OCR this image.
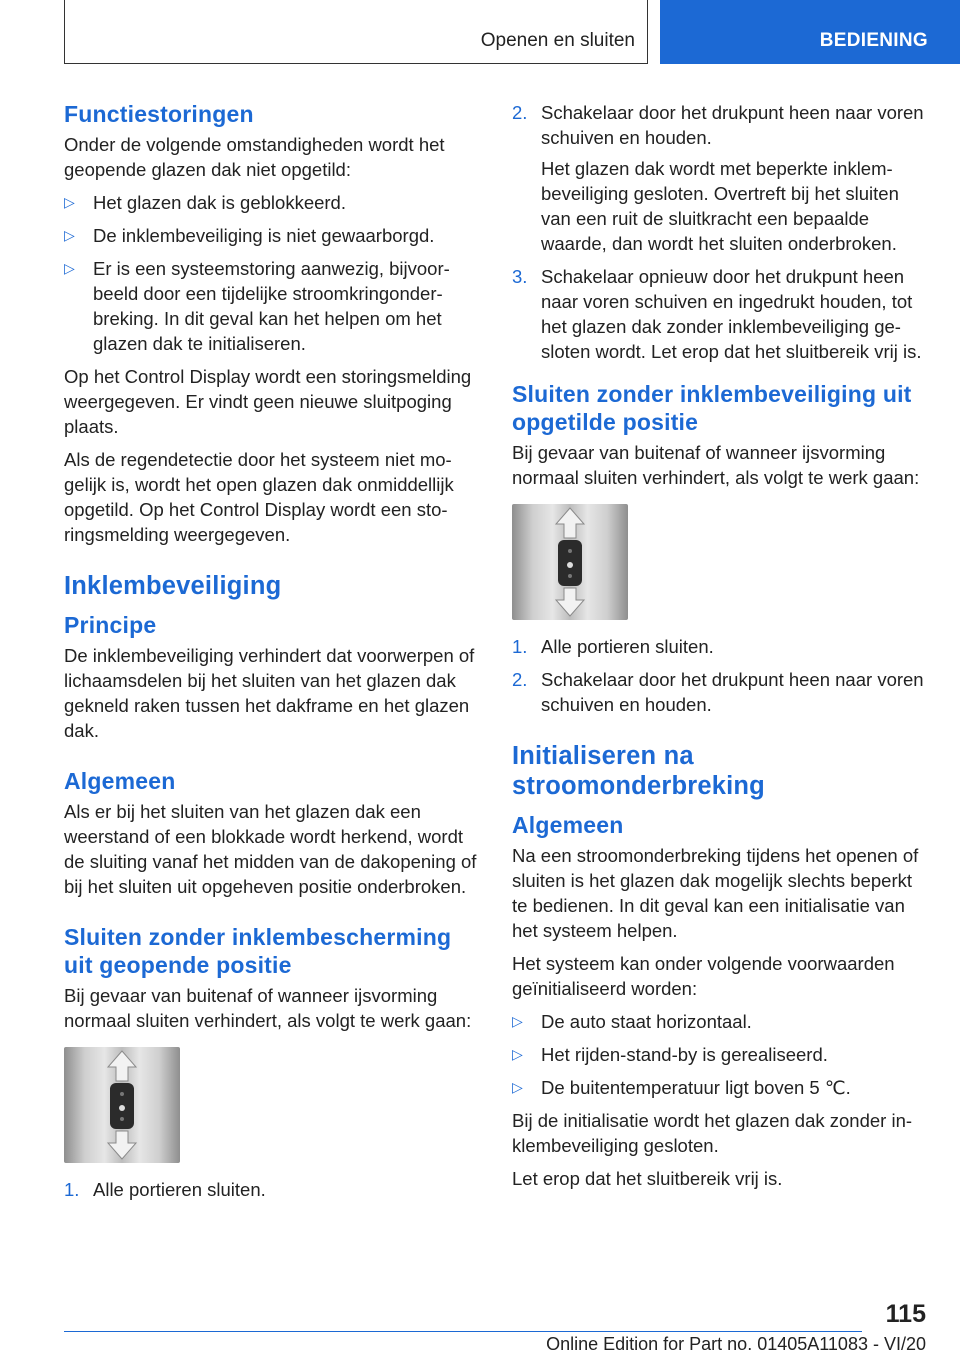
Openen en sluiten	BEDIENING
Functiestoringen

Onder de volgende omstandigheden wordt het geopende glazen dak niet opgetild:

▷ Het glazen dak is geblokkeerd.
▷ De inklembeveiliging is niet gewaarborgd.
▷ Er is een systeemstoring aanwezig, bijvoorbeeld door een tijdelijke stroomkringonderbreking. In dit geval kan het helpen om het glazen dak te initialiseren.

Op het Control Display wordt een storingsmelding weergegeven. Er vindt geen nieuwe sluitpoging plaats.

Als de regendetectie door het systeem niet mogelijk is, wordt het open glazen dak onmiddellijk opgetild. Op het Control Display wordt een storingsmelding weergegeven.

Inklembeveiliging
Principe

De inklembeveiliging verhindert dat voorwerpen of lichaamsdelen bij het sluiten van het glazen dak gekneld raken tussen het dakframe en het glazen dak.

Algemeen

Als er bij het sluiten van het glazen dak een weerstand of een blokkade wordt herkend, wordt de sluiting vanaf het midden van de dakopening of bij het sluiten uit opgeheven positie onderbroken.

Sluiten zonder inklembescherming uit geopende positie

Bij gevaar van buitenaf of wanneer ijsvorming normaal sluiten verhindert, als volgt te werk gaan:

1. Alle portieren sluiten.
2. Schakelaar door het drukpunt heen naar voren schuiven en houden.
Het glazen dak wordt met beperkte inklembeveiliging gesloten. Overtreft bij het sluiten van een ruit de sluitkracht een bepaalde waarde, dan wordt het sluiten onderbroken.
3. Schakelaar opnieuw door het drukpunt heen naar voren schuiven en ingedrukt houden, tot het glazen dak zonder inklembeveiliging gesloten wordt. Let erop dat het sluitbereik vrij is.
Sluiten zonder inklembeveiliging uit opgetilde positie

Bij gevaar van buitenaf of wanneer ijsvorming normaal sluiten verhindert, als volgt te werk gaan:

1. Alle portieren sluiten.
2. Schakelaar door het drukpunt heen naar voren schuiven en houden.
Initialiseren na stroomonderbreking
Algemeen

Na een stroomonderbreking tijdens het openen of sluiten is het glazen dak mogelijk slechts beperkt te bedienen. In dit geval kan een initialisatie van het systeem helpen.

Het systeem kan onder volgende voorwaarden geïnitialiseerd worden:

▷ De auto staat horizontaal.
▷ Het rijden-stand-by is gerealiseerd.
▷ De buitentemperatuur ligt boven 5 ℃.

Bij de initialisatie wordt het glazen dak zonder inklembeveiliging gesloten.

Let erop dat het sluitbereik vrij is.

115
Online Edition for Part no. 01405A11083 - VI/20
